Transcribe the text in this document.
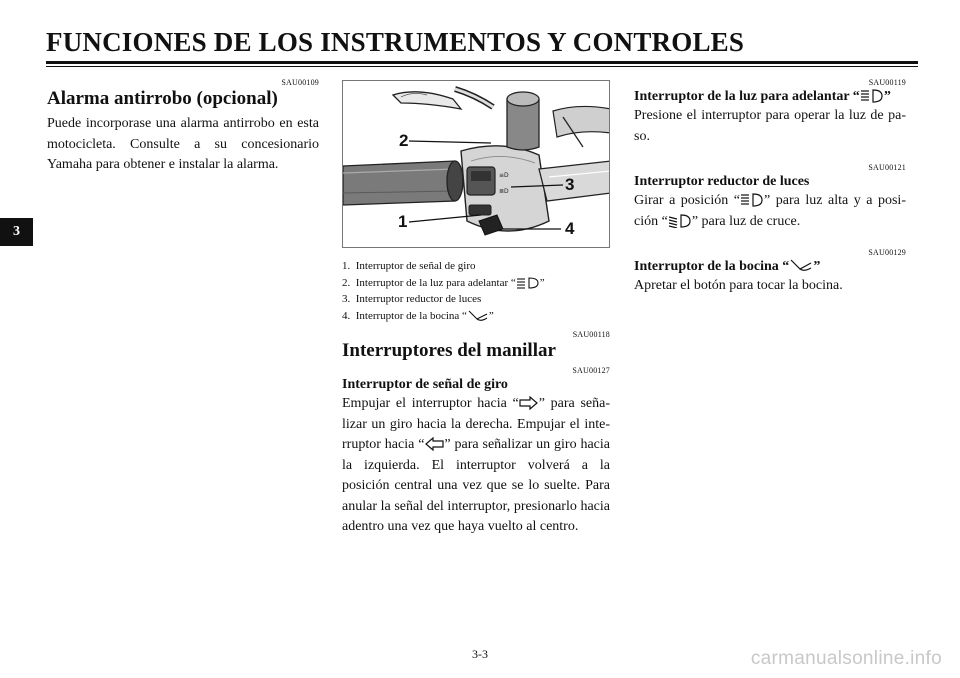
FUNCIONES DE LOS INSTRUMENTOS Y CONTROLES
3
SAU00109
Alarma antirrobo (opcional)

Puede incorporase una alarma antirrobo en esta motocicleta. Consulte a su concesionario Yamaha para obtener e instalar la alarma.

≡D
≣D
2
1
3
4
1. Interruptor de señal de giro
2. Interruptor de la luz para adelantar “ ”
3. Interruptor reductor de luces
4. Interruptor de la bocina “ ”
SAU00118
Interruptores del manillar
SAU00127
Interruptor de señal de giro

Empujar el interruptor hacia “ ” para señalizar un giro hacia la derecha. Empujar el interruptor hacia “ ” para señalizar un giro hacia la izquierda. El interruptor volverá a la posición central una vez que se lo suelte. Para anular la señal del interruptor, presionarlo hacia adentro una vez que haya vuelto al centro.

SAU00119
Interruptor de la luz para adelantar “ ”

Presione el interruptor para operar la luz de paso.

SAU00121
Interruptor reductor de luces

Girar a posición “ ” para luz alta y a posición “ ” para luz de cruce.

SAU00129
Interruptor de la bocina “ ”

Apretar el botón para tocar la bocina.

3-3	carmanualsonline.info
